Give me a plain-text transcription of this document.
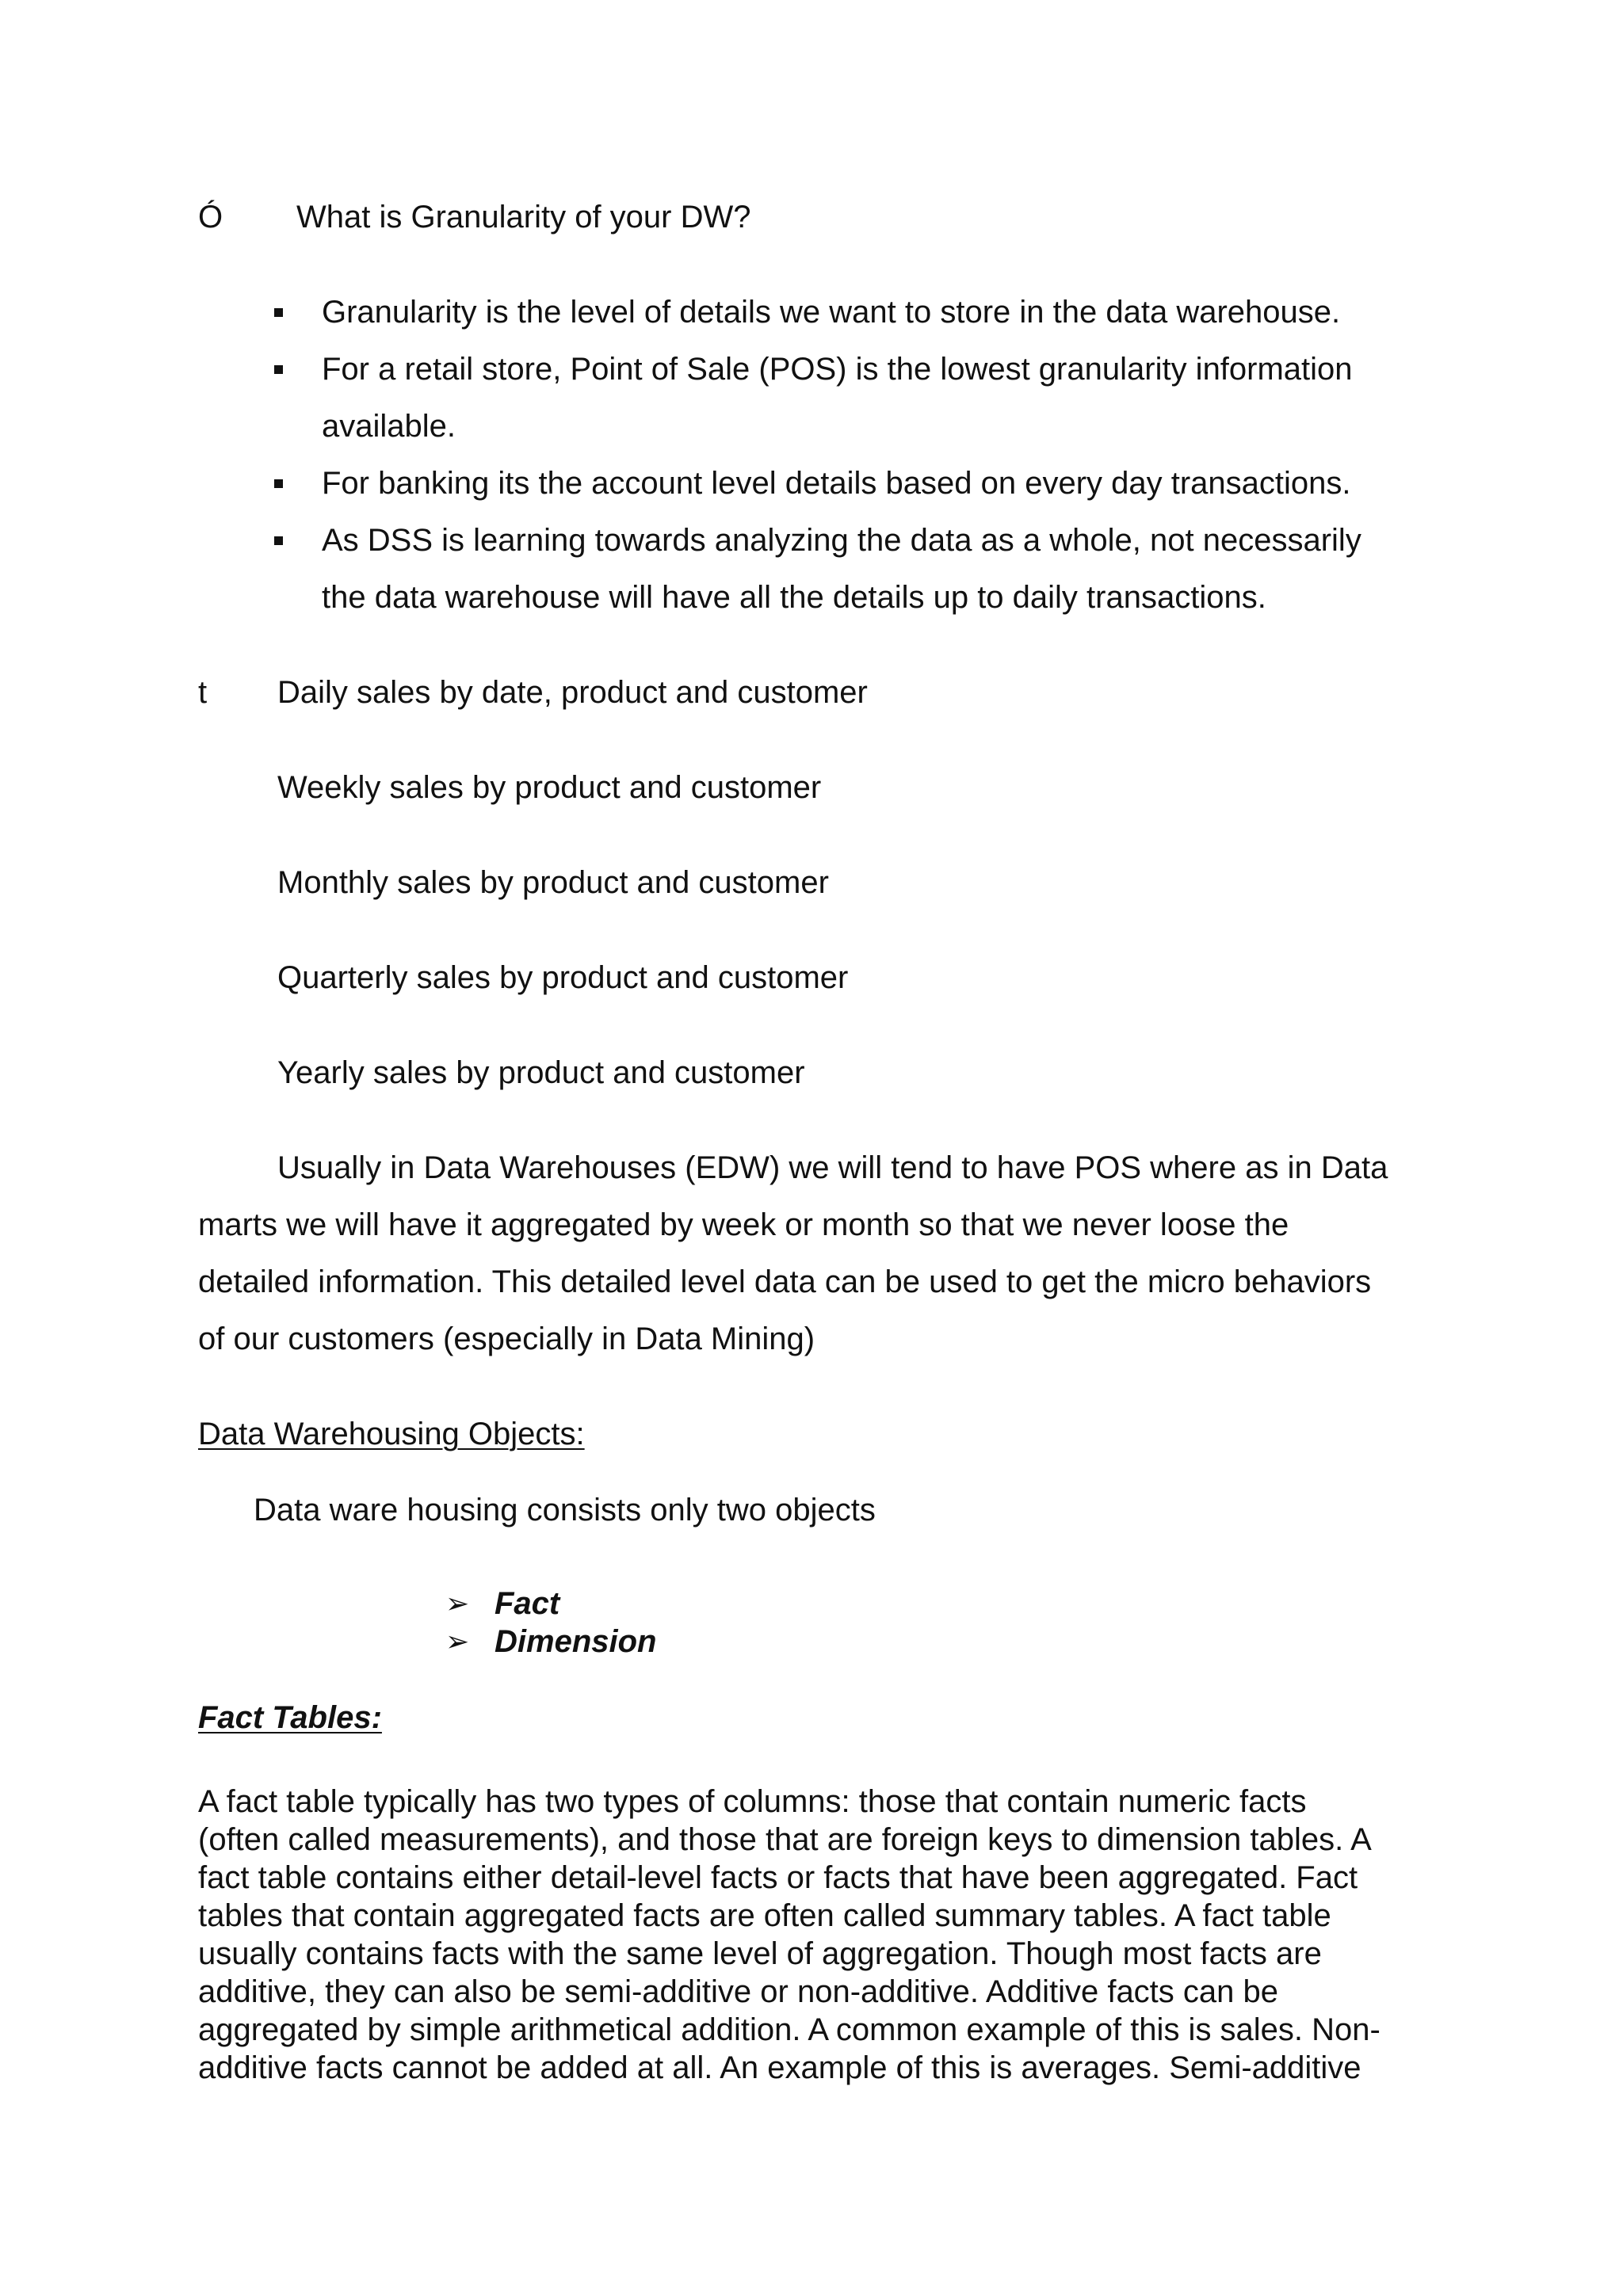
Ó What is Granularity of your DW?
Granularity is the level of details we want to store in the data warehouse.
For a retail store, Point of Sale (POS) is the lowest granularity information
available.
For banking its the account level details based on every day transactions.
As DSS is learning towards analyzing the data as a whole, not necessarily
the data warehouse will have all the details up to daily transactions.
t Daily sales by date, product and customer
Weekly sales by product and customer
Monthly sales by product and customer
Quarterly sales by product and customer
Yearly sales by product and customer
Usually in Data Warehouses (EDW) we will tend to have POS where as in Data
marts we will have it aggregated by week or month so that we never loose the
detailed information. This detailed level data can be used to get the micro behaviors
of our customers (especially in Data Mining)
Data Warehousing Objects:
Data ware housing consists only two objects
➢ Fact
➢ Dimension
Fact Tables:
A fact table typically has two types of columns: those that contain numeric facts
(often called measurements), and those that are foreign keys to dimension tables. A
fact table contains either detail-level facts or facts that have been aggregated. Fact
tables that contain aggregated facts are often called summary tables. A fact table
usually contains facts with the same level of aggregation. Though most facts are
additive, they can also be semi-additive or non-additive. Additive facts can be
aggregated by simple arithmetical addition. A common example of this is sales. Non-
additive facts cannot be added at all. An example of this is averages. Semi-additive
